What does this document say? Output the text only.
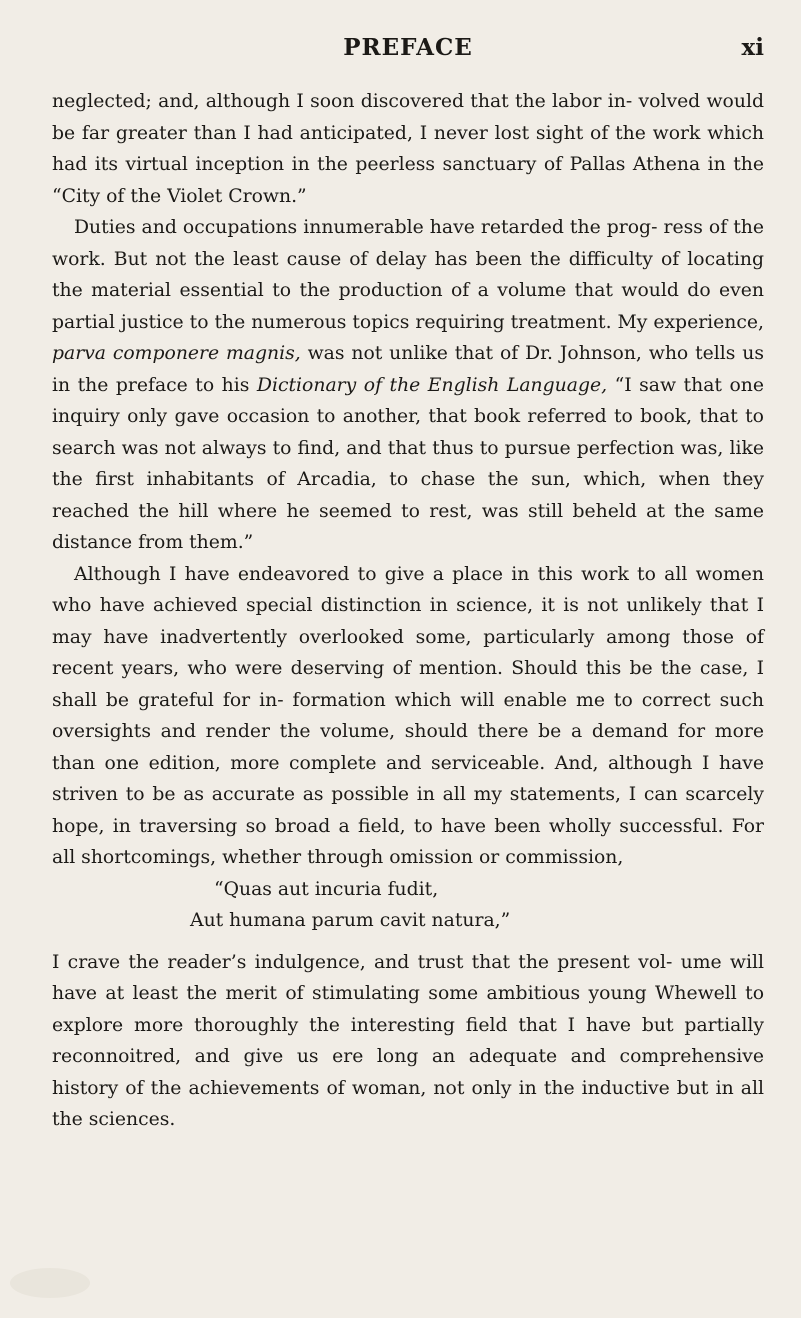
PREFACE	xi

neglected; and, although I soon discovered that the labor in- volved would be far greater than I had anticipated, I never lost sight of the work which had its virtual inception in the peerless sanctuary of Pallas Athena in the “City of the Violet Crown.”

Duties and occupations innumerable have retarded the prog- ress of the work. But not the least cause of delay has been the difficulty of locating the material essential to the production of a volume that would do even partial justice to the numerous topics requiring treatment. My experience, parva componere magnis, was not unlike that of Dr. Johnson, who tells us in the preface to his Dictionary of the English Language, “I saw that one inquiry only gave occasion to another, that book referred to book, that to search was not always to find, and that thus to pursue perfection was, like the first inhabitants of Arcadia, to chase the sun, which, when they reached the hill where he seemed to rest, was still beheld at the same distance from them.”

Although I have endeavored to give a place in this work to all women who have achieved special distinction in science, it is not unlikely that I may have inadvertently overlooked some, particularly among those of recent years, who were deserving of mention. Should this be the case, I shall be grateful for in- formation which will enable me to correct such oversights and render the volume, should there be a demand for more than one edition, more complete and serviceable. And, although I have striven to be as accurate as possible in all my statements, I can scarcely hope, in traversing so broad a field, to have been wholly successful. For all shortcomings, whether through omission or commission,

“Quas aut incuria fudit,
Aut humana parum cavit natura,”

I crave the reader’s indulgence, and trust that the present vol- ume will have at least the merit of stimulating some ambitious young Whewell to explore more thoroughly the interesting field that I have but partially reconnoitred, and give us ere long an adequate and comprehensive history of the achievements of woman, not only in the inductive but in all the sciences.
